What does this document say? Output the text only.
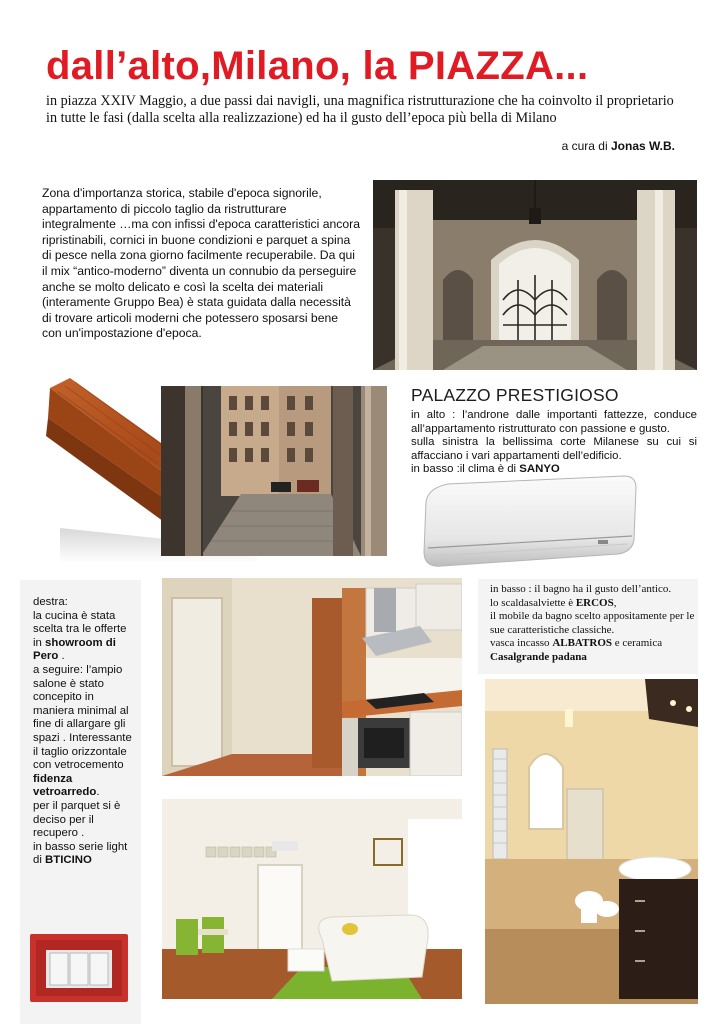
dall’alto,Milano, la PIAZZA...
in piazza XXIV Maggio, a due passi dai navigli, una magnifica ristrutturazione che ha coinvolto il proprietario in tutte le fasi (dalla scelta alla realizzazione) ed ha il gusto dell’epoca più bella di Milano
a cura di Jonas W.B.

Zona d'importanza storica, stabile d'epoca signorile, appartamento di piccolo taglio da ristrutturare integralmente …ma con infissi d'epoca caratteristici ancora ripristinabili, cornici in buone condizioni e parquet a spina di pesce nella zona giorno facilmente recuperabile. Da qui il mix “antico-moderno” diventa un connubio da perseguire anche se molto delicato e così la scelta dei materiali (interamente Gruppo Bea) è stata guidata dalla necessità di trovare articoli moderni che potessero sposarsi bene con un'impostazione d'epoca.

PALAZZO PRESTIGIOSO

in alto : l’androne dalle importanti fattezze, conduce all’appartamento ristrutturato con passione e gusto.

sulla sinistra la bellissima corte Milanese su cui si affacciano i vari appartamenti dell’edificio.

in basso :il clima è di SANYO

destra:
la cucina è stata scelta tra le offerte in showroom di Pero .
a seguire: l’ampio salone è stato concepito in maniera minimal al fine di allargare gli spazi . Interessante il taglio orizzontale con vetrocemento fidenza vetroarredo.
per il parquet si è deciso per il recupero .
in basso serie light di BTICINO
in basso : il bagno ha il gusto dell’antico.
lo scaldasalviette è ERCOS,
il mobile da bagno scelto appositamente per le sue caratteristiche classiche.
vasca incasso ALBATROS e ceramica Casalgrande padana
